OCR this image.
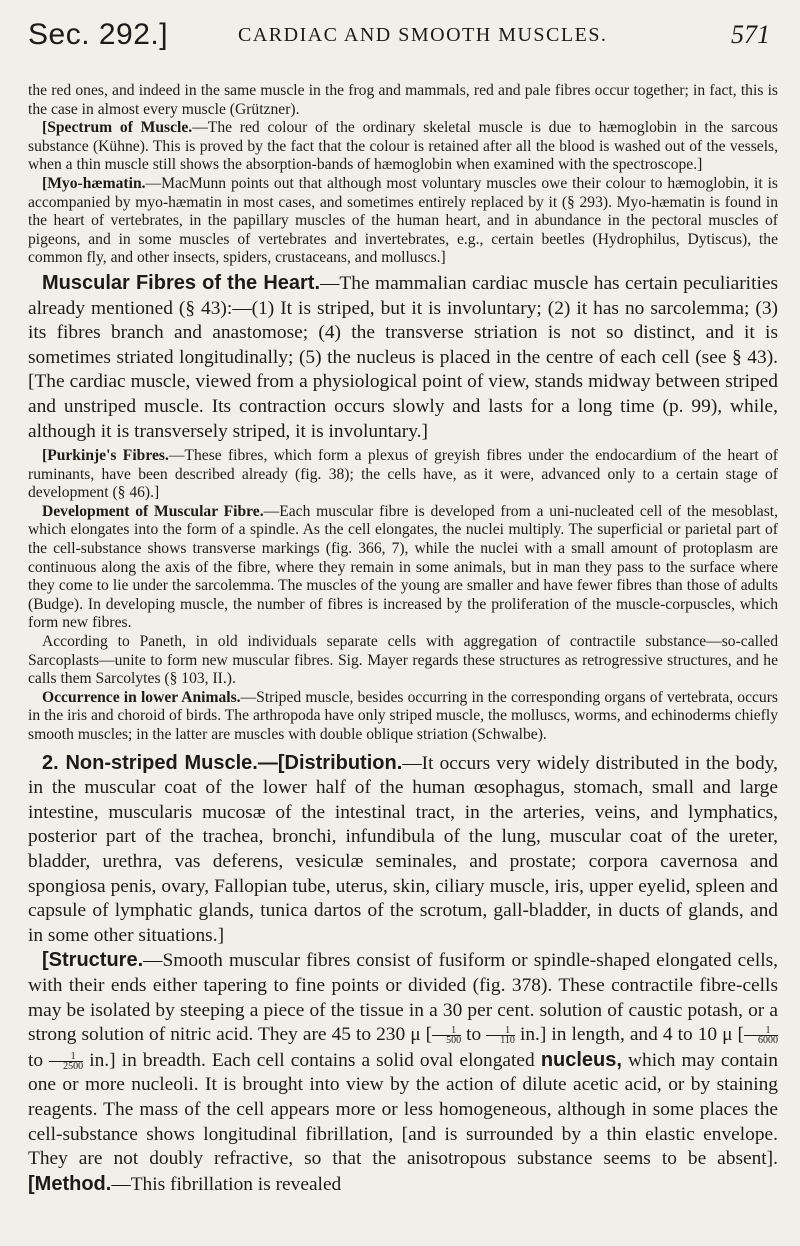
Sec. 292.]	CARDIAC AND SMOOTH MUSCLES.	571

the red ones, and indeed in the same muscle in the frog and mammals, red and pale fibres occur together; in fact, this is the case in almost every muscle (Grützner).

[Spectrum of Muscle.—The red colour of the ordinary skeletal muscle is due to hæmoglobin in the sarcous substance (Kühne). This is proved by the fact that the colour is retained after all the blood is washed out of the vessels, when a thin muscle still shows the absorption-bands of hæmoglobin when examined with the spectroscope.]

[Myo-hæmatin.—MacMunn points out that although most voluntary muscles owe their colour to hæmoglobin, it is accompanied by myo-hæmatin in most cases, and sometimes entirely replaced by it (§ 293). Myo-hæmatin is found in the heart of vertebrates, in the papillary muscles of the human heart, and in abundance in the pectoral muscles of pigeons, and in some muscles of vertebrates and invertebrates, e.g., certain beetles (Hydrophilus, Dytiscus), the common fly, and other insects, spiders, crustaceans, and molluscs.]

Muscular Fibres of the Heart.—The mammalian cardiac muscle has certain peculiarities already mentioned (§ 43):—(1) It is striped, but it is involuntary; (2) it has no sarcolemma; (3) its fibres branch and anastomose; (4) the transverse striation is not so distinct, and it is sometimes striated longitudinally; (5) the nucleus is placed in the centre of each cell (see § 43). [The cardiac muscle, viewed from a physiological point of view, stands midway between striped and unstriped muscle. Its contraction occurs slowly and lasts for a long time (p. 99), while, although it is transversely striped, it is involuntary.]

[Purkinje's Fibres.—These fibres, which form a plexus of greyish fibres under the endocardium of the heart of ruminants, have been described already (fig. 38); the cells have, as it were, advanced only to a certain stage of development (§ 46).]

Development of Muscular Fibre.—Each muscular fibre is developed from a uni-nucleated cell of the mesoblast, which elongates into the form of a spindle. As the cell elongates, the nuclei multiply. The superficial or parietal part of the cell-substance shows transverse markings (fig. 366, 7), while the nuclei with a small amount of protoplasm are continuous along the axis of the fibre, where they remain in some animals, but in man they pass to the surface where they come to lie under the sarcolemma. The muscles of the young are smaller and have fewer fibres than those of adults (Budge). In developing muscle, the number of fibres is increased by the proliferation of the muscle-corpuscles, which form new fibres.

According to Paneth, in old individuals separate cells with aggregation of contractile substance—so-called Sarcoplasts—unite to form new muscular fibres. Sig. Mayer regards these structures as retrogressive structures, and he calls them Sarcolytes (§ 103, II.).

Occurrence in lower Animals.—Striped muscle, besides occurring in the corresponding organs of vertebrata, occurs in the iris and choroid of birds. The arthropoda have only striped muscle, the molluscs, worms, and echinoderms chiefly smooth muscles; in the latter are muscles with double oblique striation (Schwalbe).

2. Non-striped Muscle.—[Distribution.—It occurs very widely distributed in the body, in the muscular coat of the lower half of the human œsophagus, stomach, small and large intestine, muscularis mucosæ of the intestinal tract, in the arteries, veins, and lymphatics, posterior part of the trachea, bronchi, infundibula of the lung, muscular coat of the ureter, bladder, urethra, vas deferens, vesiculæ seminales, and prostate; corpora cavernosa and spongiosa penis, ovary, Fallopian tube, uterus, skin, ciliary muscle, iris, upper eyelid, spleen and capsule of lymphatic glands, tunica dartos of the scrotum, gall-bladder, in ducts of glands, and in some other situations.]

[Structure.—Smooth muscular fibres consist of fusiform or spindle-shaped elongated cells, with their ends either tapering to fine points or divided (fig. 378). These contractile fibre-cells may be isolated by steeping a piece of the tissue in a 30 per cent. solution of caustic potash, or a strong solution of nitric acid. They are 45 to 230 μ [ $\frac{1}{500}$ to $\frac{1}{110} in$.] in length, and 4 to 10 μ [ $\frac{1}{6000}$
to $\frac{1}{2500} in$.] in breadth. Each cell contains a solid oval elongated nucleus, which may contain one or more nucleoli. It is brought into view by the action of dilute acetic acid, or by staining reagents. The mass of the cell appears more or less homogeneous, although in some places the cell-substance shows longitudinal fibrillation, [and is surrounded by a thin elastic envelope. They are not doubly refractive, so that the anisotropous substance seems to be absent]. [Method.—This fibrillation is revealed
